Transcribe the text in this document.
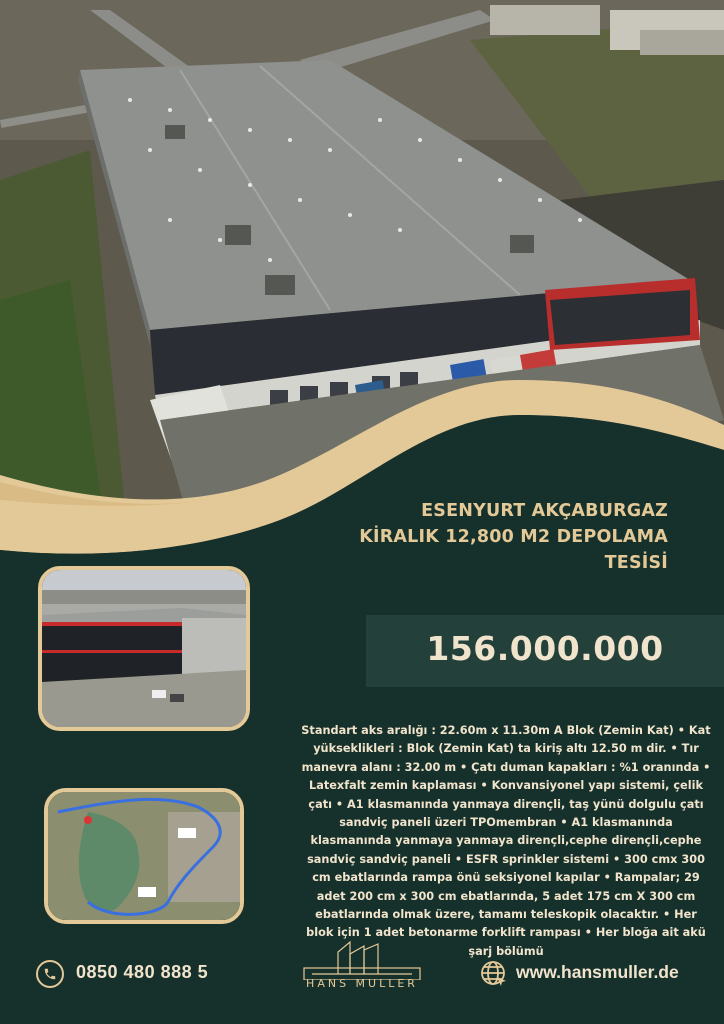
ESENYURT AKÇABURGAZ
KİRALIK 12,800 M2 DEPOLAMA
TESİSİ
156.000.000
Standart aks aralığı : 22.60m x 11.30m A Blok (Zemin Kat) • Kat yükseklikleri : Blok (Zemin Kat) ta kiriş altı 12.50 m dir. • Tır manevra alanı : 32.00 m • Çatı duman kapakları : %1 oranında • Latexfalt zemin kaplaması • Konvansiyonel yapı sistemi, çelik çatı • A1 klasmanında yanmaya dirençli, taş yünü dolgulu çatı sandviç paneli üzeri TPOmembran • A1 klasmanında klasmanında yanmaya yanmaya dirençli,cephe dirençli,cephe sandviç sandviç paneli • ESFR sprinkler sistemi • 300 cmx 300 cm ebatlarında rampa önü seksiyonel kapılar • Rampalar; 29 adet 200 cm x 300 cm ebatlarında, 5 adet 175 cm X 300 cm ebatlarında olmak üzere, tamamı teleskopik olacaktır. • Her blok için 1 adet betonarme forklift rampası • Her bloğa ait akü şarj bölümü
0850 480 888 5
HANS MULLER
www.hansmuller.de
